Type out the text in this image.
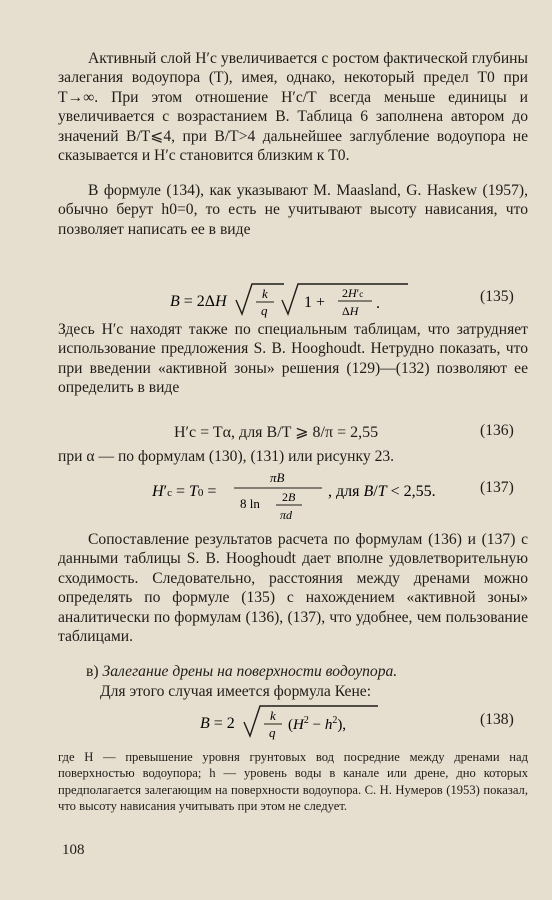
Активный слой H′c увеличивается с ростом фактической глубины залегания водоупора (T), имея, однако, некоторый предел T0 при T→∞. При этом отношение H′c/T всегда меньше единицы и увеличивается с возрастанием B. Таблица 6 заполнена автором до значений B/T⩽4, при B/T>4 дальнейшее заглубление водоупора не сказывается и H′c становится близким к T0.
В формуле (134), как указывают M. Maasland, G. Haskew (1957), обычно берут h0=0, то есть не учитывают высоту нависания, что позволяет написать ее в виде
B = 2ΔH	k
q 1 +
2H′c
ΔH .	(135)
Здесь H′c находят также по специальным таблицам, что затрудняет использование предложения S. B. Hooghoudt. Нетрудно показать, что при введении «активной зоны» решения (129)—(132) позволяют ее определить в виде
H′c = Tα, для B/T ⩾ 8/π = 2,55	(136)
при α — по формулам (130), (131) или рисунку 23.
H′c = T0 =
πB
8 ln 2B
πd
, для B/T < 2,55.	(137)
Сопоставление результатов расчета по формулам (136) и (137) с данными таблицы S. B. Hooghoudt дает вполне удовлетворительную сходимость. Следовательно, расстояния между дренами можно определять по формуле (135) с нахождением «активной зоны» аналитически по формулам (136), (137), что удобнее, чем пользование таблицами.
в) Залегание дрены на поверхности водоупора.
Для этого случая имеется формула Кене:
B = 2	k
q $(H^2 - h^2)$,	(138)
где H — превышение уровня грунтовых вод посредние между дренами над поверхностью водоупора; h — уровень воды в канале или дрене, дно которых предполагается залегающим на поверхности водоупора. С. Н. Нумеров (1953) показал, что высоту нависания учитывать при этом не следует.
108
